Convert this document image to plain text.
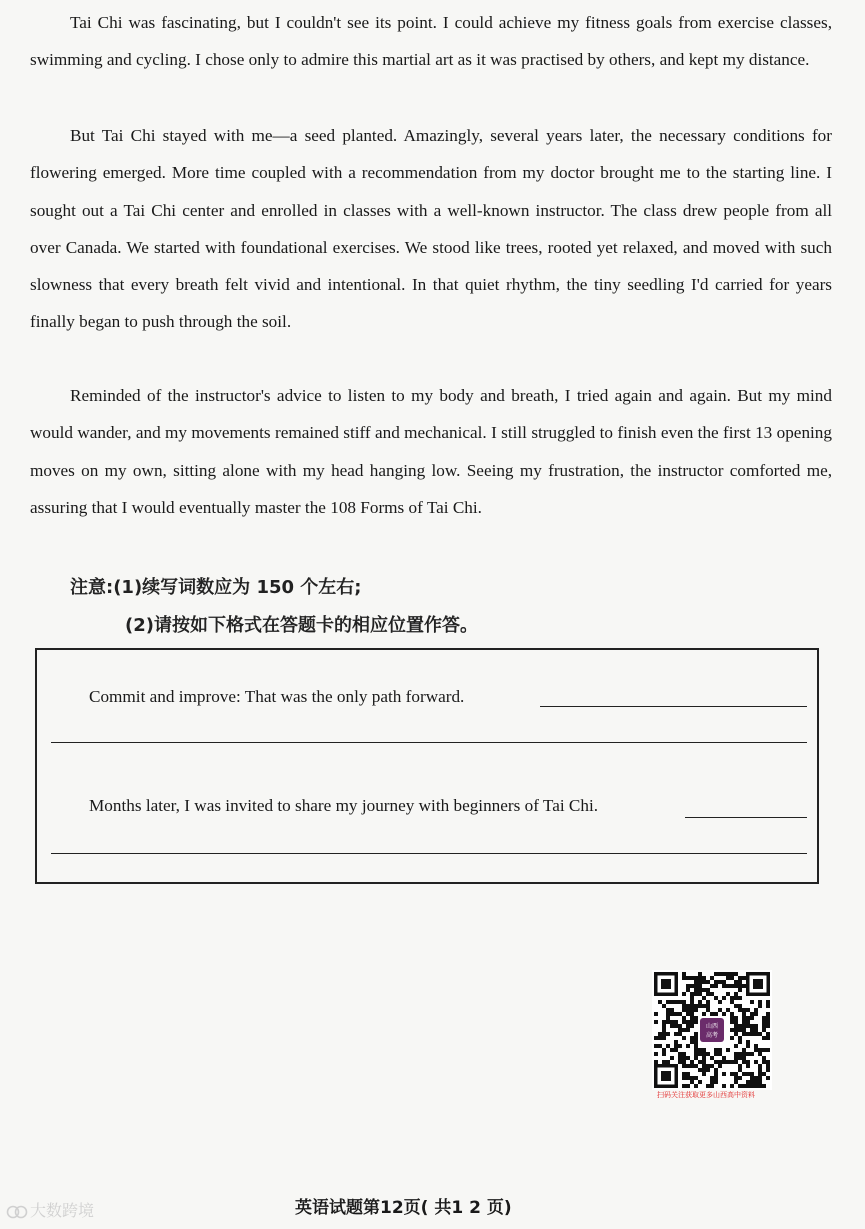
Tai Chi was fascinating, but I couldn't see its point. I could achieve my fitness goals from exercise classes, swimming and cycling. I chose only to admire this martial art as it was practised by others, and kept my distance.

But Tai Chi stayed with me—a seed planted. Amazingly, several years later, the necessary conditions for flowering emerged. More time coupled with a recommendation from my doctor brought me to the starting line. I sought out a Tai Chi center and enrolled in classes with a well-known instructor. The class drew people from all over Canada. We started with foundational exercises. We stood like trees, rooted yet relaxed, and moved with such slowness that every breath felt vivid and intentional. In that quiet rhythm, the tiny seedling I'd carried for years finally began to push through the soil.

Reminded of the instructor's advice to listen to my body and breath, I tried again and again. But my mind would wander, and my movements remained stiff and mechanical. I still struggled to finish even the first 13 opening moves on my own, sitting alone with my head hanging low. Seeing my frustration, the instructor comforted me, assuring that I would eventually master the 108 Forms of Tai Chi.

注意:(1)续写词数应为 150 个左右;
(2)请按如下格式在答题卡的相应位置作答。
Commit and improve: That was the only path forward.
Months later, I was invited to share my journey with beginners of Tai Chi.
山西
高考
扫码关注获取更多山西高中资料
英语试题第12页( 共1 2 页)
大数跨境
